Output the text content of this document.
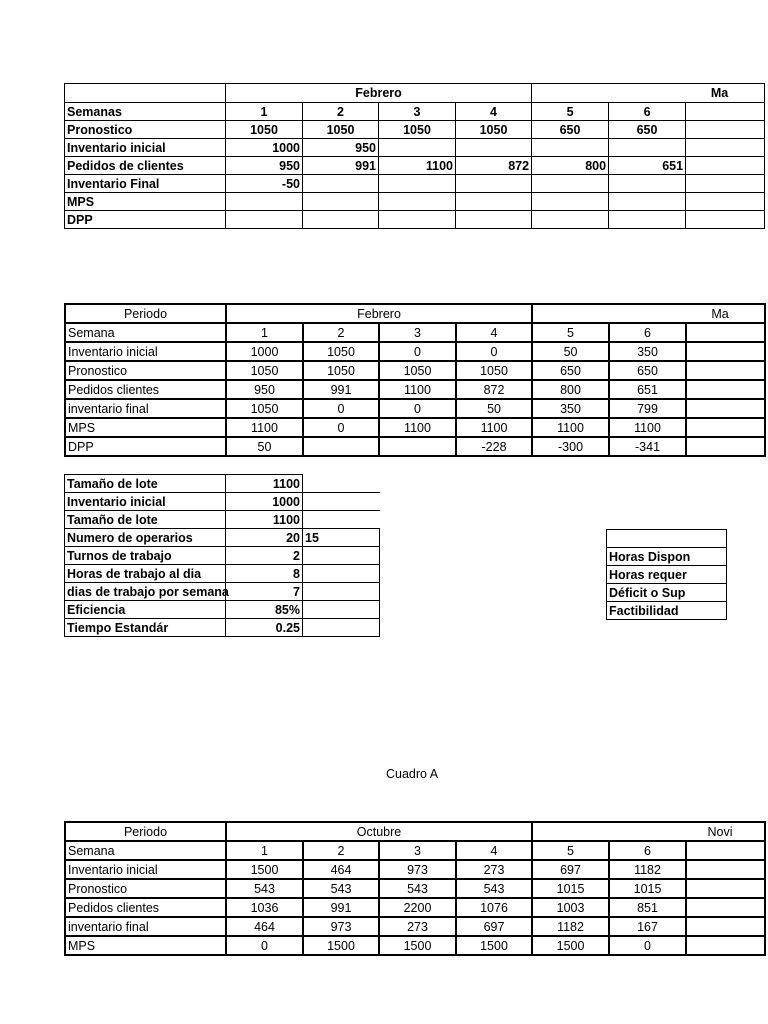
	Febrero				Ma		
Semanas	1	2	3	4	5	6	
Pronostico	1050	1050	1050	1050	650	650	
Inventario inicial	1000	950					
Pedidos de clientes	950	991	1100	872	800	651	
Inventario Final	-50						
MPS							
DPP							
Periodo	Febrero				Ma		
Semana	1	2	3	4	5	6	
Inventario inicial	1000	1050	0	0	50	350	
Pronostico	1050	1050	1050	1050	650	650	
Pedidos clientes	950	991	1100	872	800	651	
inventario final	1050	0	0	50	350	799	
MPS	1100	0	1100	1100	1100	1100	
DPP	50			-228	-300	-341	
Tamaño de lote	1100	
Inventario inicial	1000	
Tamaño de lote	1100	
Numero de operarios	20	15
Turnos de trabajo	2	
Horas de trabajo al dia	8	
dias de trabajo por semana	7	
Eficiencia	85%	
Tiempo Estandár	0.25	

Horas Dispon
Horas requer
Déficit o Sup
Factibilidad
Cuadro A
Periodo	Octubre				Novi		
Semana	1	2	3	4	5	6	
Inventario inicial	1500	464	973	273	697	1182	
Pronostico	543	543	543	543	1015	1015	
Pedidos clientes	1036	991	2200	1076	1003	851	
inventario final	464	973	273	697	1182	167	
MPS	0	1500	1500	1500	1500	0	
